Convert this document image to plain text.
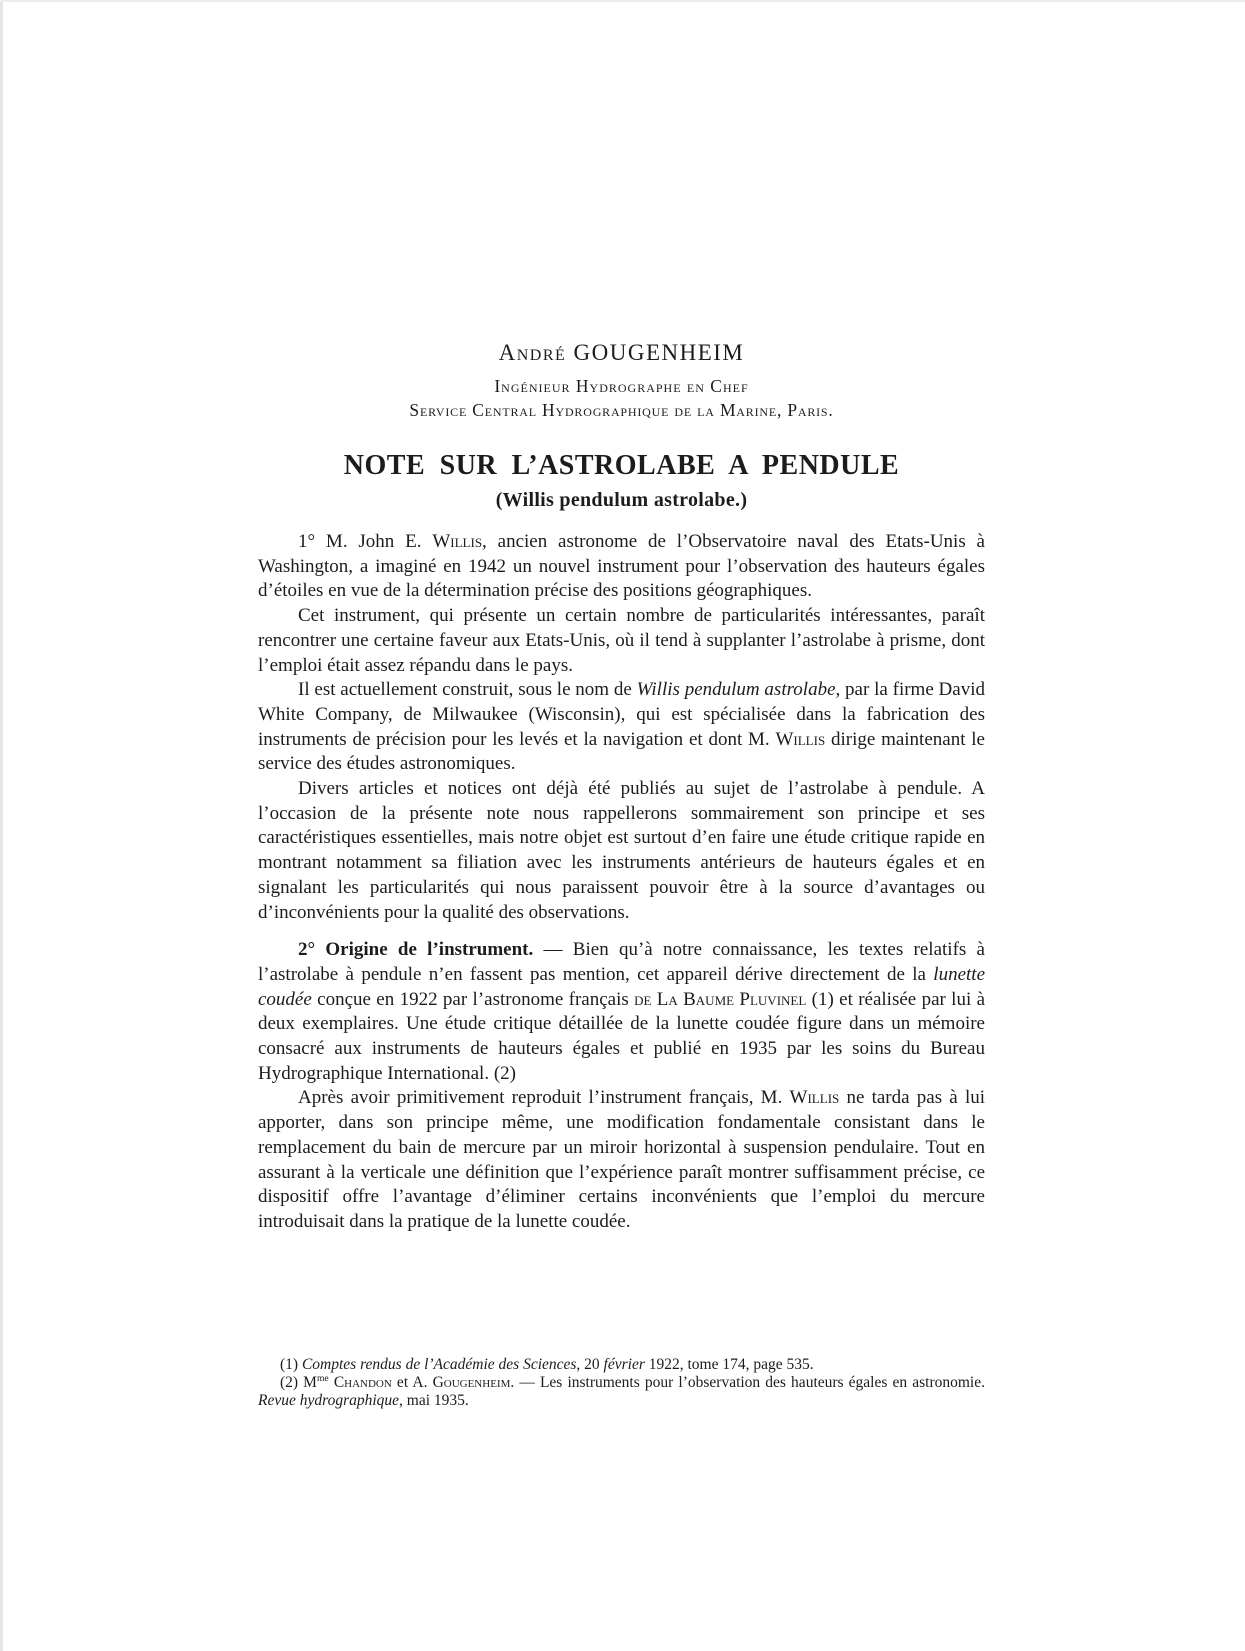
André GOUGENHEIM
Ingénieur Hydrographe en Chef
Service Central Hydrographique de la Marine, Paris.
NOTE SUR L’ASTROLABE A PENDULE
(Willis pendulum astrolabe.)

1° M. John E. Willis, ancien astronome de l’Observatoire naval des Etats-Unis à Washington, a imaginé en 1942 un nouvel instrument pour l’observation des hauteurs égales d’étoiles en vue de la détermination précise des positions géographiques.

Cet instrument, qui présente un certain nombre de particularités intéressantes, paraît rencontrer une certaine faveur aux Etats-Unis, où il tend à supplanter l’astrolabe à prisme, dont l’emploi était assez répandu dans le pays.

Il est actuellement construit, sous le nom de Willis pendulum astrolabe, par la firme David White Company, de Milwaukee (Wisconsin), qui est spécialisée dans la fabrication des instruments de précision pour les levés et la navigation et dont M. Willis dirige maintenant le service des études astronomiques.

Divers articles et notices ont déjà été publiés au sujet de l’astrolabe à pendule. A l’occasion de la présente note nous rappellerons sommairement son principe et ses caractéristiques essentielles, mais notre objet est surtout d’en faire une étude critique rapide en montrant notamment sa filiation avec les instruments antérieurs de hauteurs égales et en signalant les particularités qui nous paraissent pouvoir être à la source d’avantages ou d’inconvénients pour la qualité des observations.

2° Origine de l’instrument. — Bien qu’à notre connaissance, les textes relatifs à l’astrolabe à pendule n’en fassent pas mention, cet appareil dérive directement de la lunette coudée conçue en 1922 par l’astronome français de La Baume Pluvinel (1) et réalisée par lui à deux exemplaires. Une étude critique détaillée de la lunette coudée figure dans un mémoire consacré aux instruments de hauteurs égales et publié en 1935 par les soins du Bureau Hydrographique International. (2)

Après avoir primitivement reproduit l’instrument français, M. Willis ne tarda pas à lui apporter, dans son principe même, une modification fondamentale consistant dans le remplacement du bain de mercure par un miroir horizontal à suspension pendulaire. Tout en assurant à la verticale une définition que l’expérience paraît montrer suffisamment précise, ce dispositif offre l’avantage d’éliminer certains inconvénients que l’emploi du mercure introduisait dans la pratique de la lunette coudée.

(1) Comptes rendus de l’Académie des Sciences, 20 février 1922, tome 174, page 535.

(2) $M^{me}$ Chandon et A. Gougenheim. — Les instruments pour l’observation des hauteurs égales en astronomie. Revue hydrographique, mai 1935.
